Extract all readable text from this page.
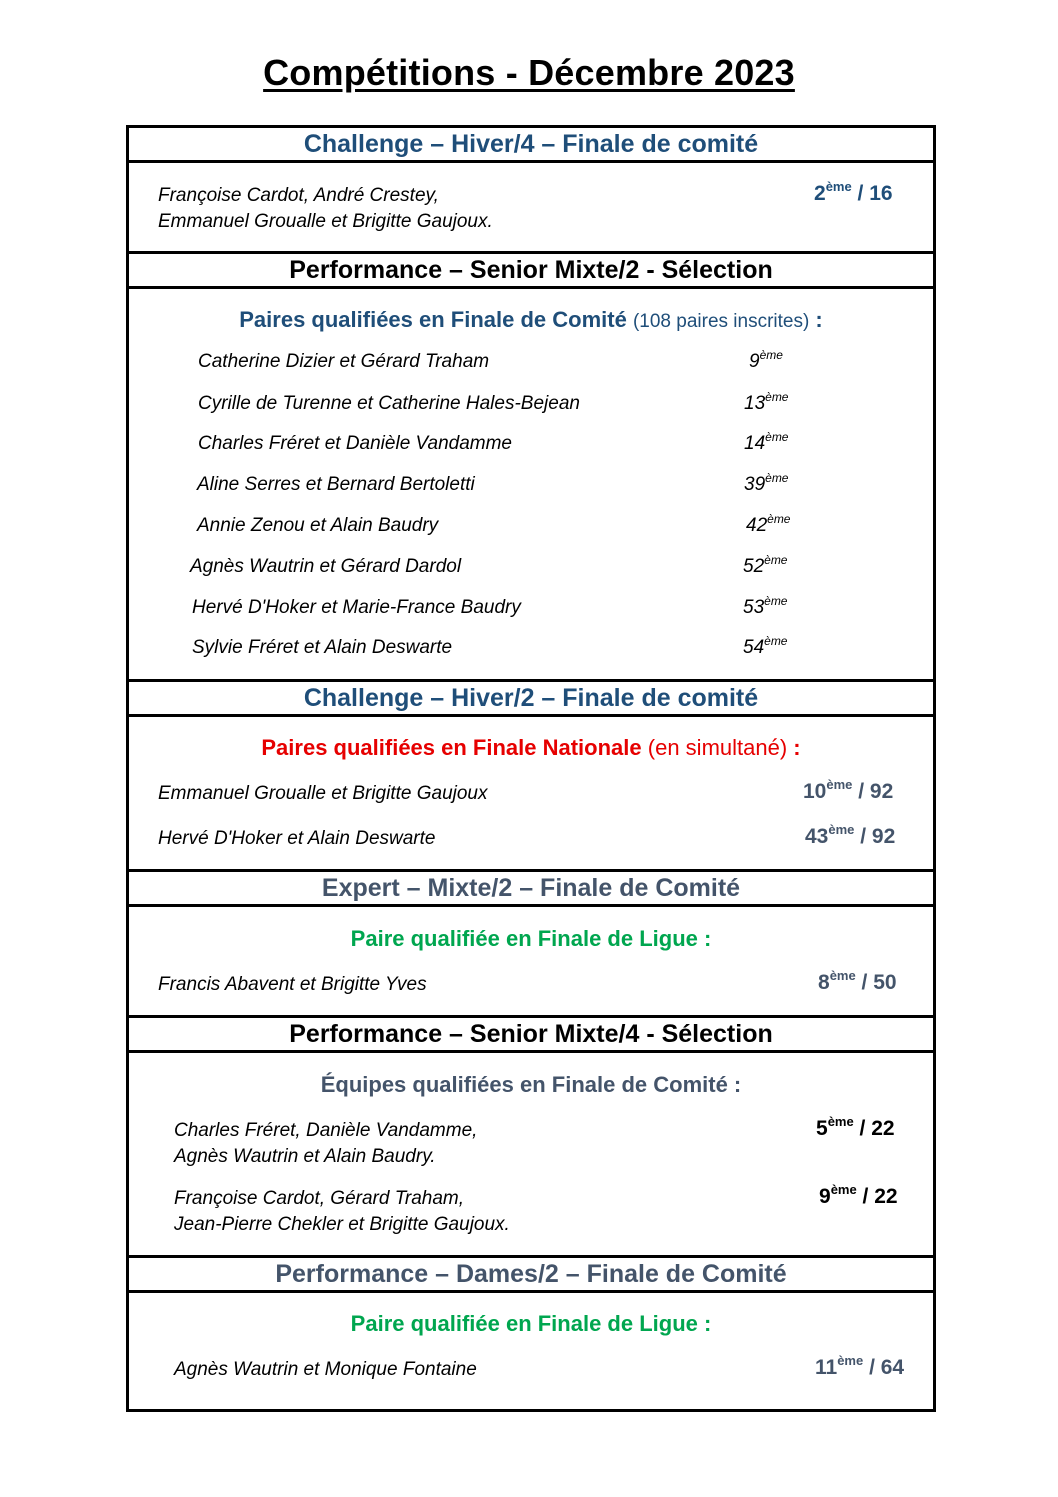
Compétitions - Décembre 2023
Challenge – Hiver/4 – Finale de comité
Françoise Cardot, André Crestey,
Emmanuel Groualle et Brigitte Gaujoux.
2ème / 16
Performance – Senior Mixte/2 - Sélection
Paires qualifiées en Finale de Comité (108 paires inscrites) :
Catherine Dizier et Gérard Traham	9ème
Cyrille de Turenne et Catherine Hales-Bejean	13ème
Charles Fréret et Danièle Vandamme	14ème
Aline Serres et Bernard Bertoletti	39ème
Annie Zenou et Alain Baudry	42ème
Agnès Wautrin et Gérard Dardol	52ème
Hervé D'Hoker et Marie-France Baudry	53ème
Sylvie Fréret et Alain Deswarte	54ème
Challenge – Hiver/2 – Finale de comité
Paires qualifiées en Finale Nationale (en simultané) :
Emmanuel Groualle et Brigitte Gaujoux	10ème / 92
Hervé D'Hoker et Alain Deswarte	43ème / 92
Expert – Mixte/2 – Finale de Comité
Paire qualifiée en Finale de Ligue :
Francis Abavent et Brigitte Yves	8ème / 50
Performance – Senior Mixte/4 - Sélection
Équipes qualifiées en Finale de Comité :
Charles Fréret, Danièle Vandamme,
Agnès Wautrin et Alain Baudry.
5ème / 22
Françoise Cardot, Gérard Traham,
Jean-Pierre Chekler et Brigitte Gaujoux.
9ème / 22
Performance – Dames/2 – Finale de Comité
Paire qualifiée en Finale de Ligue :
Agnès Wautrin et Monique Fontaine	11ème / 64
